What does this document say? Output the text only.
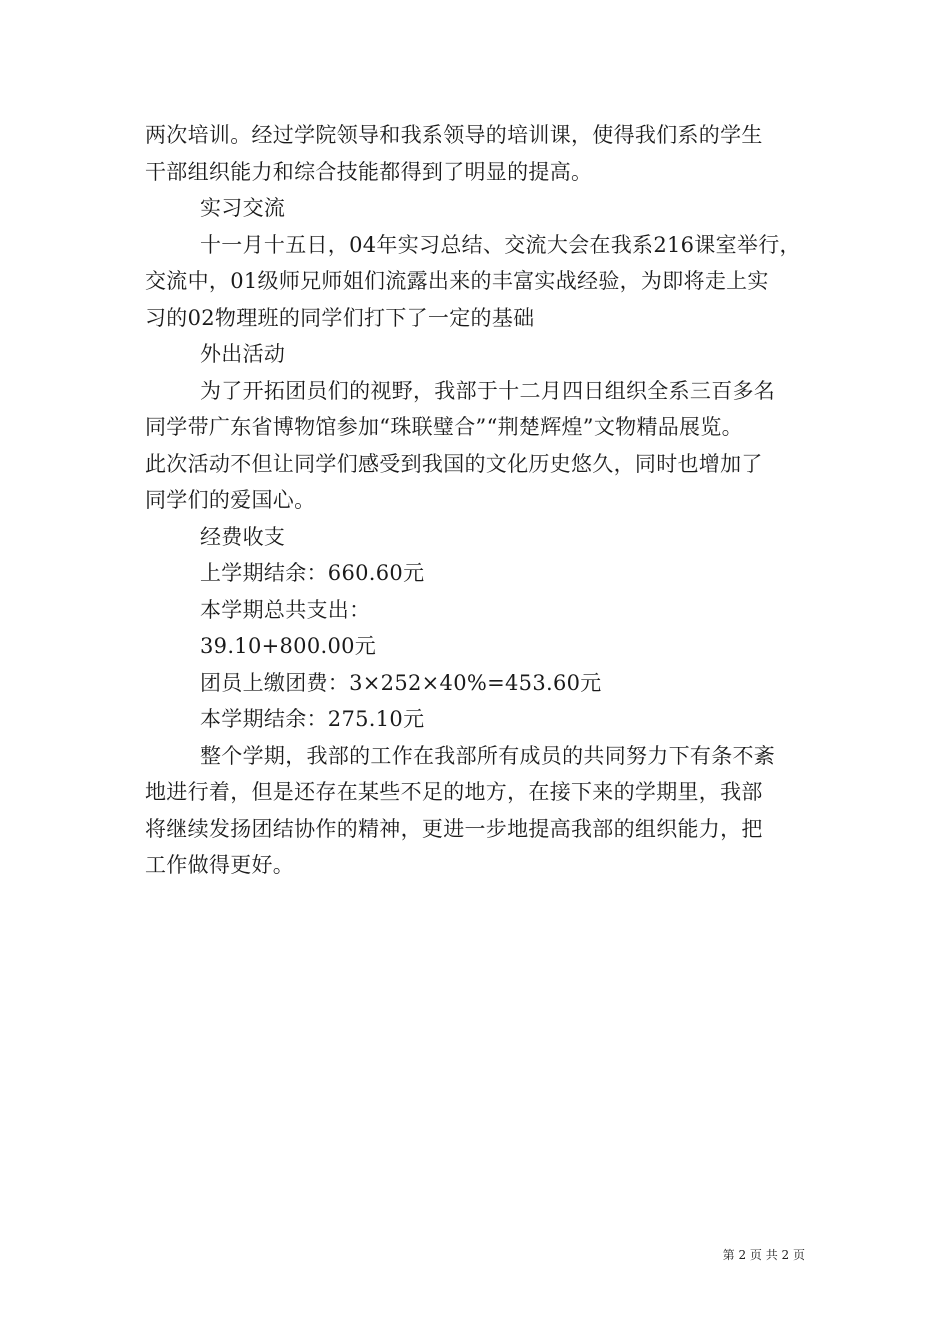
两次培训。经过学院领导和我系领导的培训课，使得我们系的学生
干部组织能力和综合技能都得到了明显的提高。
实习交流
十一月十五日，04年实习总结、交流大会在我系216课室举行，
交流中，01级师兄师姐们流露出来的丰富实战经验，为即将走上实
习的02物理班的同学们打下了一定的基础
外出活动
为了开拓团员们的视野，我部于十二月四日组织全系三百多名
同学带广东省博物馆参加“珠联璧合”“荆楚辉煌”文物精品展览。
此次活动不但让同学们感受到我国的文化历史悠久，同时也增加了
同学们的爱国心。
经费收支
上学期结余：660.60元
本学期总共支出：
39.10+800.00元
团员上缴团费：3×252×40%=453.60元
本学期结余：275.10元
整个学期，我部的工作在我部所有成员的共同努力下有条不紊
地进行着，但是还存在某些不足的地方，在接下来的学期里，我部
将继续发扬团结协作的精神，更进一步地提高我部的组织能力，把
工作做得更好。
第 2 页 共 2 页
